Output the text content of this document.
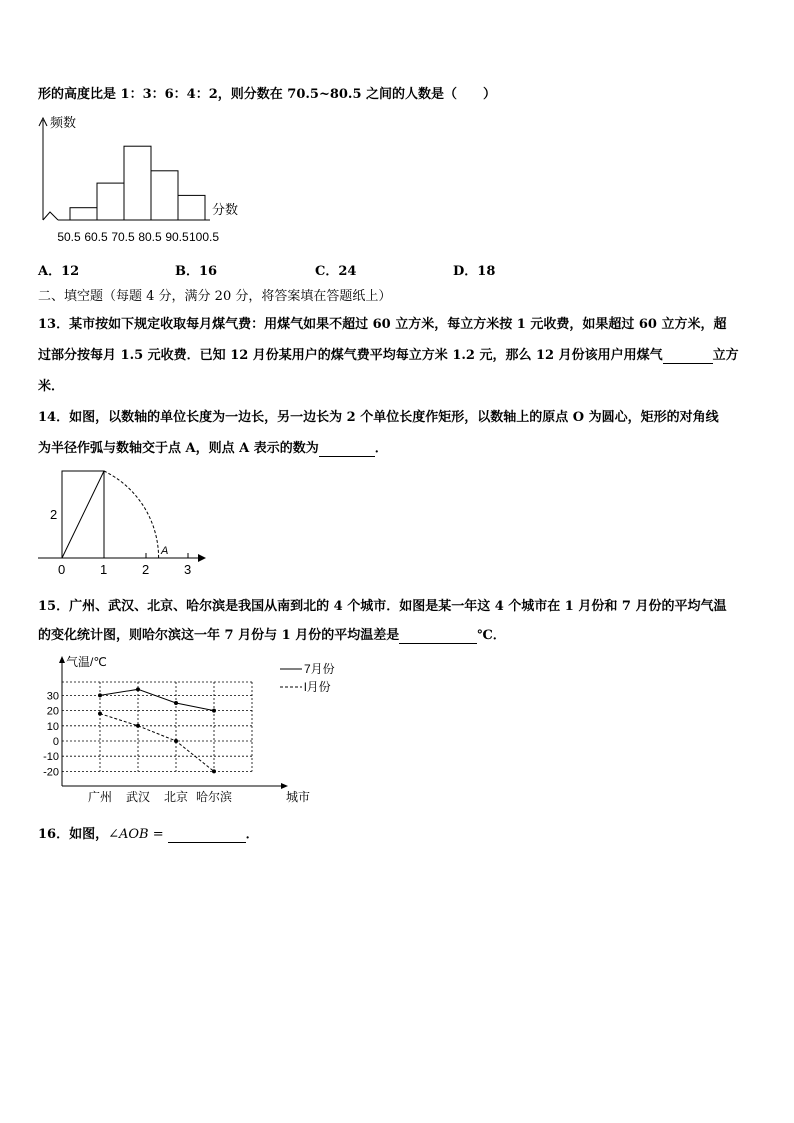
形的高度比是 1：3：6：4：2，则分数在 70.5~80.5 之间的人数是（　　）
频数
分数
50.5 60.5 70.5 80.5 90.5 100.5
A．12	B．16	C．24	D．18
二、填空题（每题 4 分，满分 20 分，将答案填在答题纸上）
13．某市按如下规定收取每月煤气费：用煤气如果不超过 60 立方米，每立方米按 1 元收费，如果超过 60 立方米，超
过部分按每月 1.5 元收费．已知 12 月份某用户的煤气费平均每立方米 1.2 元，那么 12 月份该用户用煤气	立方
米．
14．如图，以数轴的单位长度为一边长，另一边长为 2 个单位长度作矩形，以数轴上的原点 O 为圆心，矩形的对角线
为半径作弧与数轴交于点 A，则点 A 表示的数为	．
2
A
0	1	2	3
15．广州、武汉、北京、哈尔滨是我国从南到北的 4 个城市．如图是某一年这 4 个城市在 1 月份和 7 月份的平均气温
的变化统计图，则哈尔滨这一年 7 月份与 1 月份的平均温差是	℃．
气温/℃
城市
30
20
10
0
-10
-20
广州 武汉 北京 哈尔滨
7月份
l月份
16．如图，∠AOB =	．
